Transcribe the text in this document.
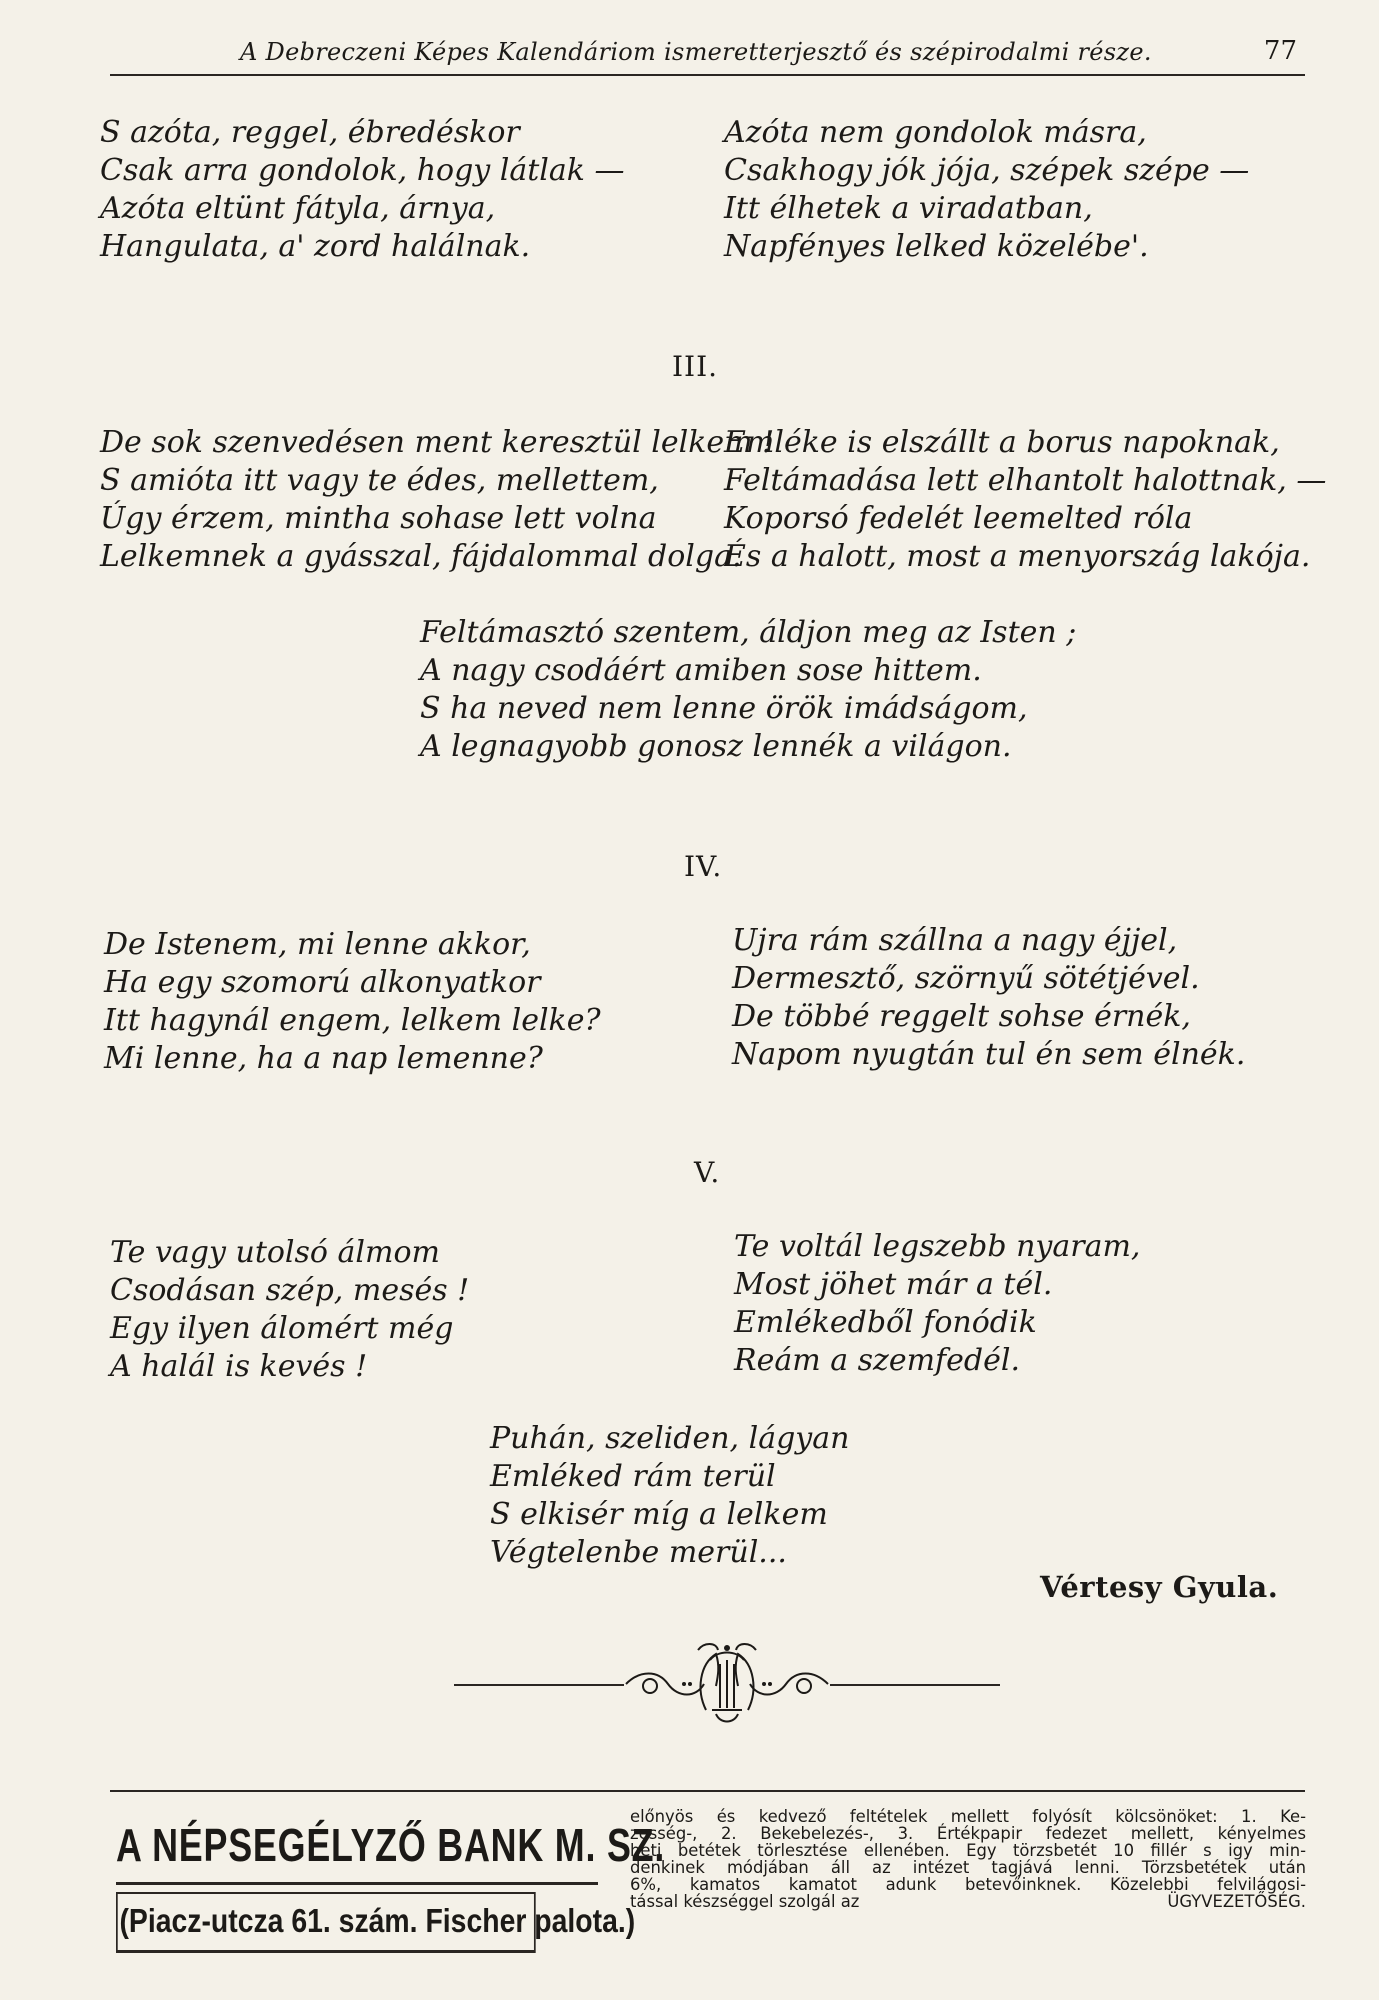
A Debreczeni Képes Kalendáriom ismeretterjesztő és szépirodalmi része.	77
S azóta, reggel, ébredéskor
Csak arra gondolok, hogy látlak —
Azóta eltünt fátyla, árnya,
Hangulata, a' zord halálnak.
Azóta nem gondolok másra,
Csakhogy jók jója, szépek szépe —
Itt élhetek a viradatban,
Napfényes lelked közelébe'.
III.
De sok szenvedésen ment keresztül lelkem !
S amióta itt vagy te édes, mellettem,
Úgy érzem, mintha sohase lett volna
Lelkemnek a gyásszal, fájdalommal dolga.
Emléke is elszállt a borus napoknak,
Feltámadása lett elhantolt halottnak, —
Koporsó fedelét leemelted róla
És a halott, most a menyország lakója.
Feltámasztó szentem, áldjon meg az Isten ;
A nagy csodáért amiben sose hittem.
S ha neved nem lenne örök imádságom,
A legnagyobb gonosz lennék a világon.
IV.
De Istenem, mi lenne akkor,
Ha egy szomorú alkonyatkor
Itt hagynál engem, lelkem lelke?
Mi lenne, ha a nap lemenne?
Ujra rám szállna a nagy éjjel,
Dermesztő, szörnyű sötétjével.
De többé reggelt sohse érnék,
Napom nyugtán tul én sem élnék.
V.
Te vagy utolsó álmom
Csodásan szép, mesés !
Egy ilyen álomért még
A halál is kevés !
Te voltál legszebb nyaram,
Most jöhet már a tél.
Emlékedből fonódik
Reám a szemfedél.
Puhán, szeliden, lágyan
Emléked rám terül
S elkisér míg a lelkem
Végtelenbe merül...
Vértesy Gyula.
A NÉPSEGÉLYZŐ BANK M. SZ.
(Piacz-utcza 61. szám. Fischer palota.)
előnyös és kedvező feltételek mellett folyósít kölcsönöket: 1. Ke-
zesség-, 2. Bekebelezés-, 3. Értékpapir fedezet mellett, kényelmes
heti betétek törlesztése ellenében. Egy törzsbetét 10 fillér s igy min-
denkinek módjában áll az intézet tagjává lenni. Törzsbetétek után
6%, kamatos kamatot adunk betevőinknek. Közelebbi felvilágosi-
tással készséggel szolgál az	ÜGYVEZETŐSÉG.
